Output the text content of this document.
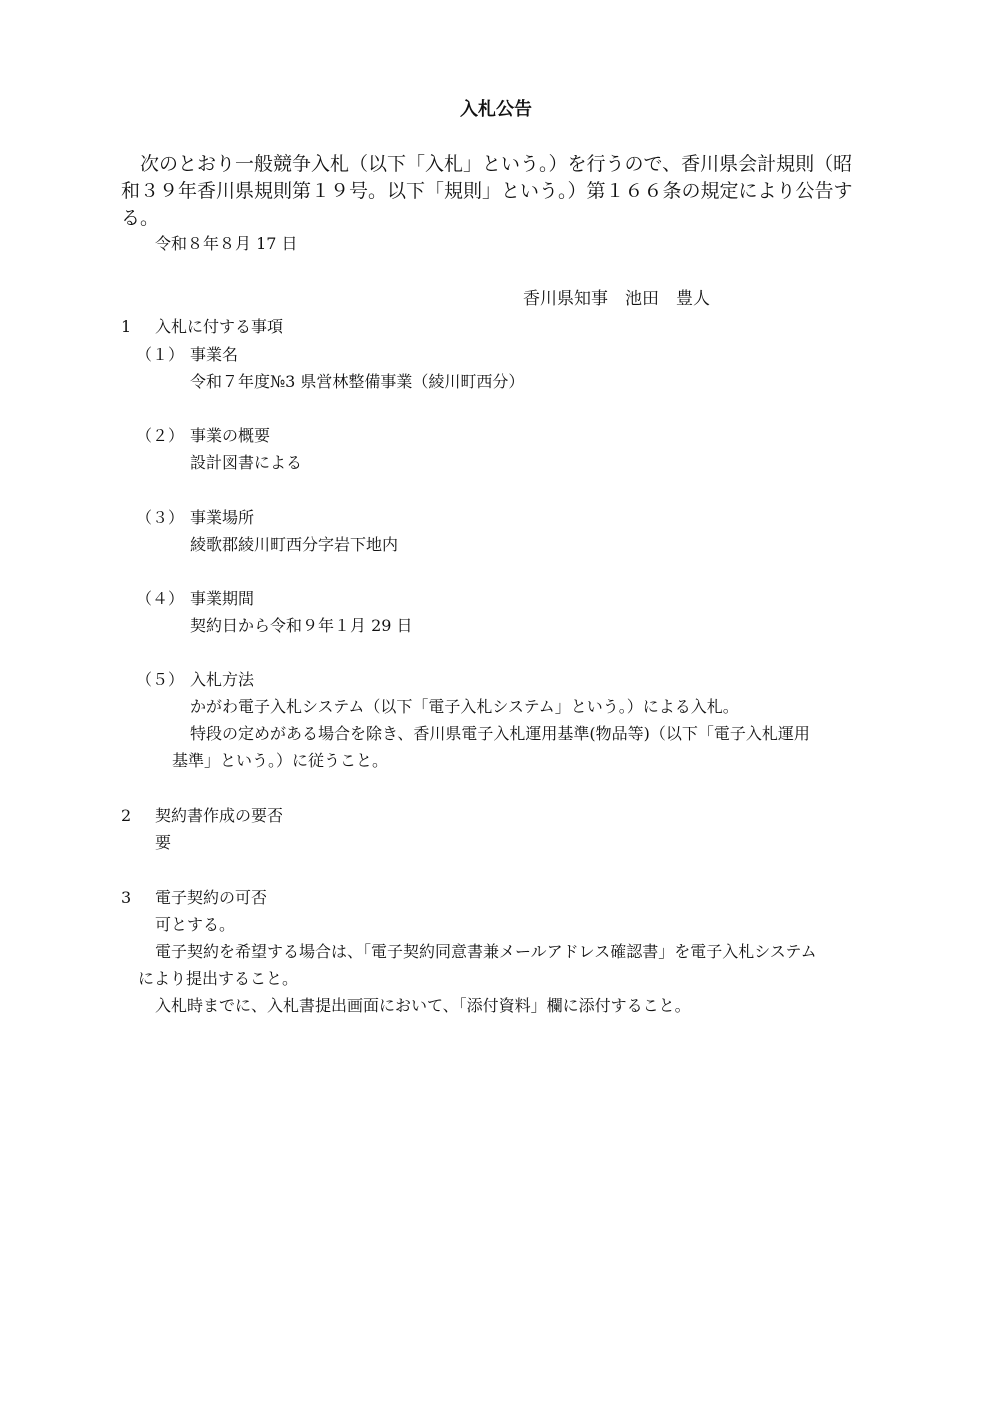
入札公告
次のとおり一般競争入札（以下「入札」という。）を行うので、香川県会計規則（昭
和３９年香川県規則第１９号。以下「規則」という。）第１６６条の規定により公告す
る。
令和８年８月 17 日
香川県知事　池田　豊人
1 入札に付する事項
（１） 事業名
令和７年度№3 県営林整備事業（綾川町西分）
（２） 事業の概要
設計図書による
（３） 事業場所
綾歌郡綾川町西分字岩下地内
（４） 事業期間
契約日から令和９年１月 29 日
（５） 入札方法
かがわ電子入札システム（以下「電子入札システム」という。）による入札。
特段の定めがある場合を除き、香川県電子入札運用基準(物品等)（以下「電子入札運用
基準」という。）に従うこと。
2 契約書作成の要否
要
3 電子契約の可否
可とする。
電子契約を希望する場合は、「電子契約同意書兼メールアドレス確認書」を電子入札システム
により提出すること。
入札時までに、入札書提出画面において、「添付資料」欄に添付すること。
